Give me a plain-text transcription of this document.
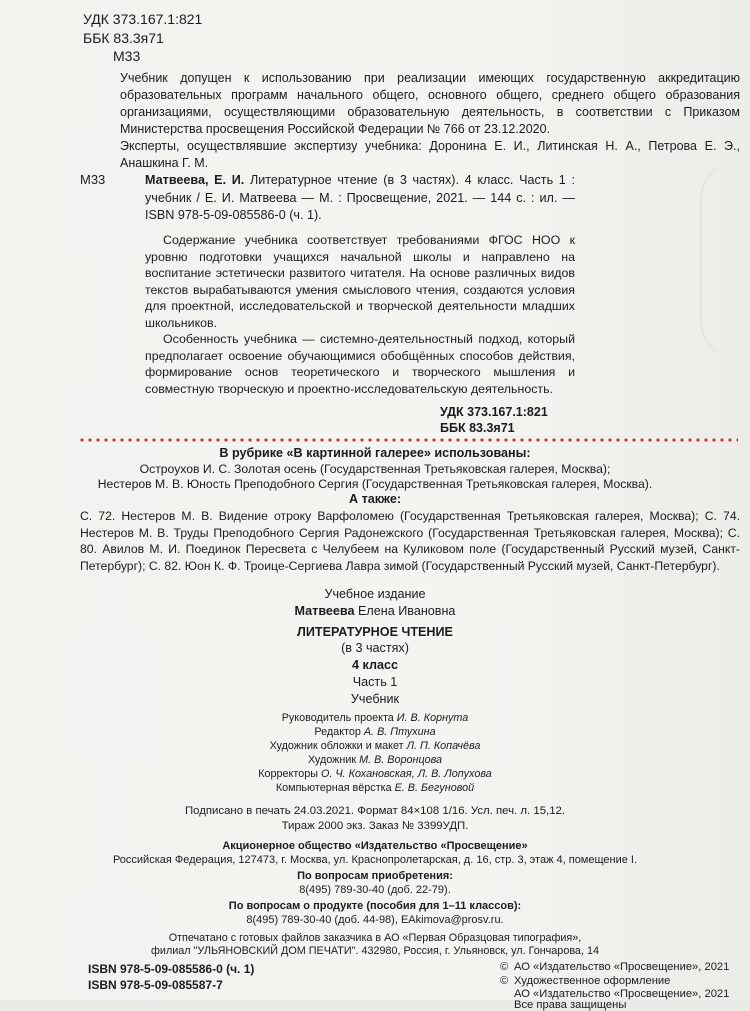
УДК 373.167.1:821
ББК 83.3я71
М33

Учебник допущен к использованию при реализации имеющих государственную аккредитацию образовательных программ начального общего, основного общего, среднего общего образования организациями, осуществляющими образовательную деятельность, в соответствии с Приказом Министерства просвещения Российской Федерации № 766 от 23.12.2020.

Эксперты, осуществлявшие экспертизу учебника: Доронина Е. И., Литинская Н. А., Петрова Е. Э., Анашкина Г. М.

М33	Матвеева, Е. И. Литературное чтение (в 3 частях). 4 класс. Часть 1 : учебник / Е. И. Матвеева — М. : Просвещение, 2021. — 144 с. : ил. — ISBN 978-5-09-085586-0 (ч. 1).

Содержание учебника соответствует требованиями ФГОС НОО к уровню подготовки учащихся начальной школы и направлено на воспитание эстетически развитого читателя. На основе различных видов текстов вырабатываются умения смыслового чтения, создаются условия для проектной, исследовательской и творческой деятельности младших школьников.

Особенность учебника — системно-деятельностный подход, который предполагает освоение обучающимися обобщённых способов действия, формирование основ теоретического и творческого мышления и совместную творческую и проектно-исследовательскую деятельность.

УДК 373.167.1:821
ББК 83.3я71
В рубрике «В картинной галерее» использованы:
Остроухов И. С. Золотая осень (Государственная Третьяковская галерея, Москва);
Нестеров М. В. Юность Преподобного Сергия (Государственная Третьяковская галерея, Москва).
А также:
С. 72. Нестеров М. В. Видение отроку Варфоломею (Государственная Третьяковская галерея, Москва); С. 74. Нестеров М. В. Труды Преподобного Сергия Радонежского (Государственная Третьяковская галерея, Москва); С. 80. Авилов М. И. Поединок Пересвета с Челубеем на Куликовом поле (Государственный Русский музей, Санкт-Петербург); С. 82. Юон К. Ф. Троице-Сергиева Лавра зимой (Государственный Русский музей, Санкт-Петербург).
Учебное издание
Матвеева Елена Ивановна
ЛИТЕРАТУРНОЕ ЧТЕНИЕ
(в 3 частях)
4 класс
Часть 1
Учебник
Руководитель проекта И. В. Корнута
Редактор А. В. Птухина
Художник обложки и макет Л. П. Копачёва
Художник М. В. Воронцова
Корректоры О. Ч. Кохановская, Л. В. Лопухова
Компьютерная вёрстка Е. В. Бегуновой
Подписано в печать 24.03.2021. Формат 84×108 1/16. Усл. печ. л. 15,12.
Тираж 2000 экз. Заказ № 3399УДП.
Акционерное общество «Издательство «Просвещение»
Российская Федерация, 127473, г. Москва, ул. Краснопролетарская, д. 16, стр. 3, этаж 4, помещение I.
По вопросам приобретения:
8(495) 789-30-40 (доб. 22-79).
По вопросам о продукте (пособия для 1–11 классов):
8(495) 789-30-40 (доб. 44-98), EAkimova@prosv.ru.
Отпечатано с готовых файлов заказчика в АО «Первая Образцовая типография»,
филиал "УЛЬЯНОВСКИЙ ДОМ ПЕЧАТИ". 432980, Россия, г. Ульяновск, ул. Гончарова, 14
ISBN 978-5-09-085586-0 (ч. 1)
ISBN 978-5-09-085587-7
© АО «Издательство «Просвещение», 2021
© Художественное оформление
АО «Издательство «Просвещение», 2021
Все права защищены
